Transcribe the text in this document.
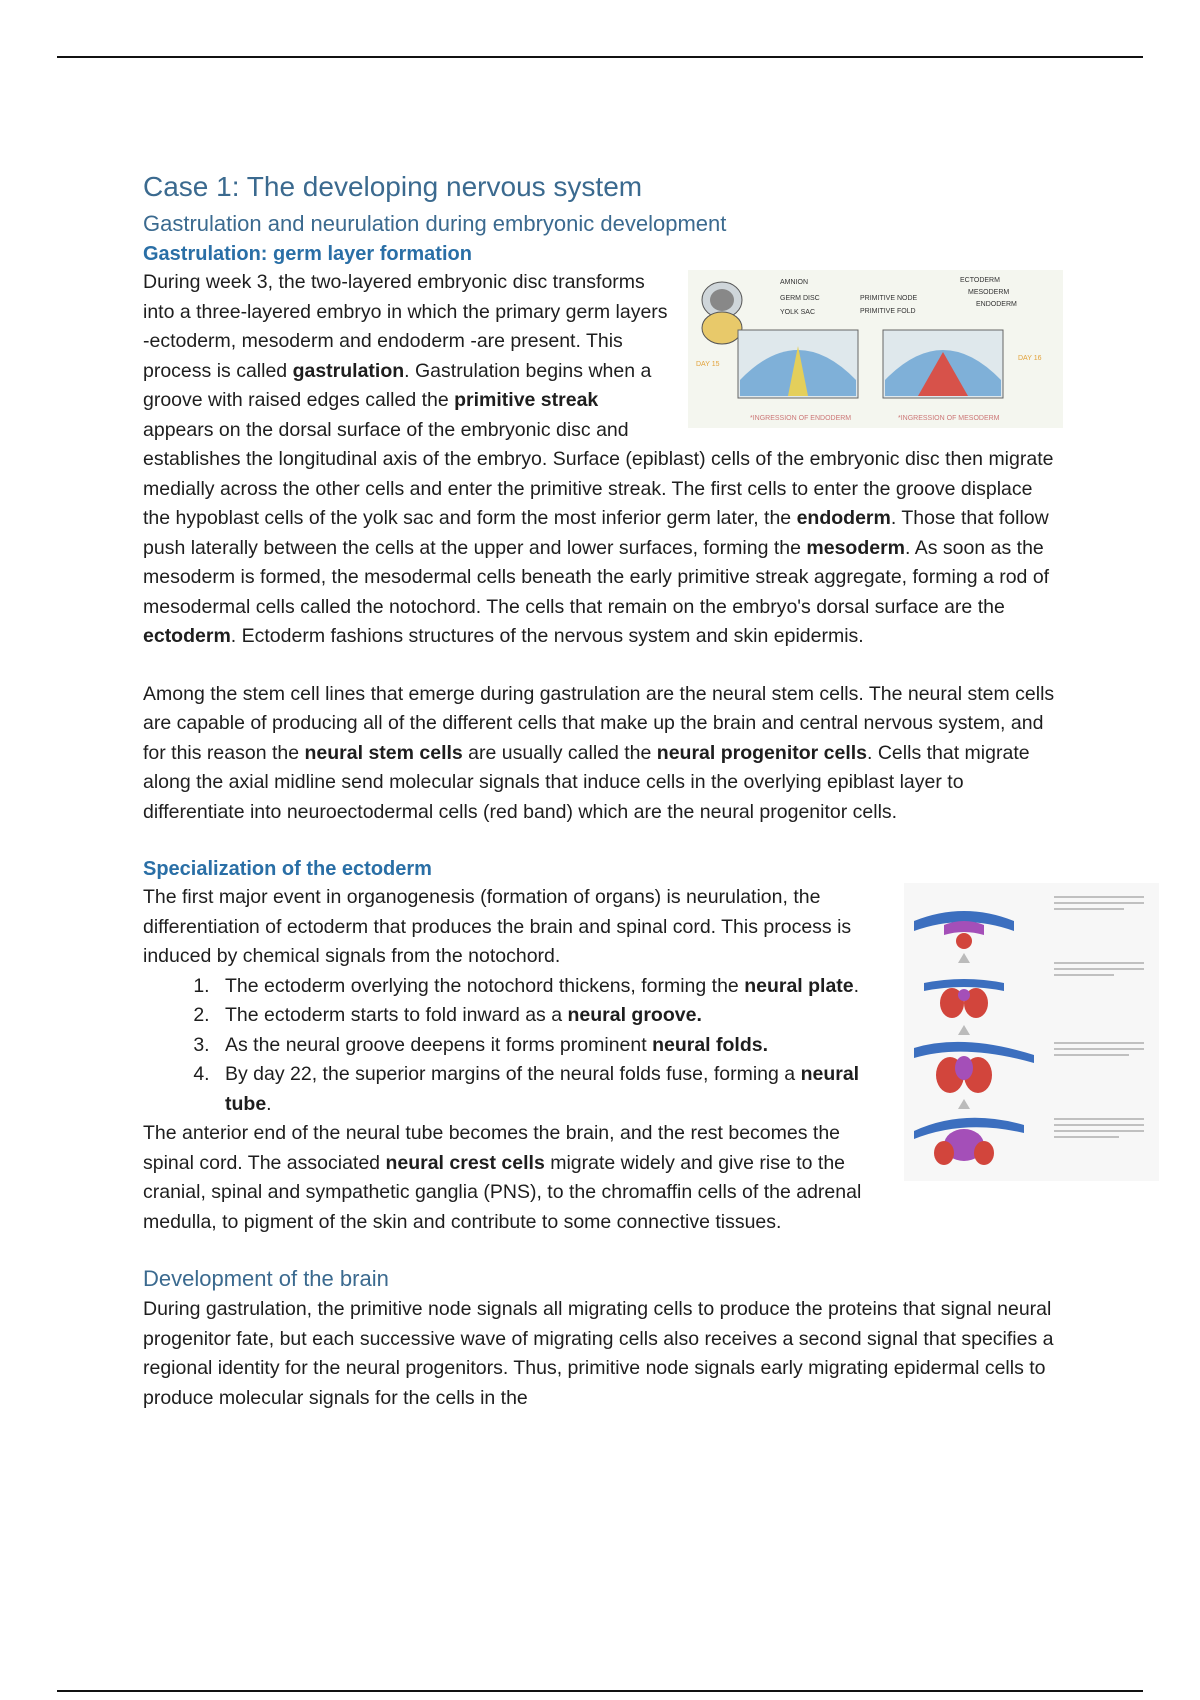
Case 1: The developing nervous system
Gastrulation and neurulation during embryonic development
Gastrulation: germ layer formation
AMNION
GERM DISC
YOLK SAC
PRIMITIVE NODE
PRIMITIVE FOLD
ECTODERM
MESODERM
ENDODERM
DAY 15
DAY 16
*INGRESSION OF ENDODERM	*INGRESSION OF MESODERM

During week 3, the two-layered embryonic disc transforms into a three-layered embryo in which the primary germ layers -ectoderm, mesoderm and endoderm -are present. This process is called gastrulation. Gastrulation begins when a groove with raised edges called the primitive streak appears on the dorsal surface of the embryonic disc and establishes the longitudinal axis of the embryo. Surface (epiblast) cells of the embryonic disc then migrate medially across the other cells and enter the primitive streak. The first cells to enter the groove displace the hypoblast cells of the yolk sac and form the most inferior germ later, the endoderm. Those that follow push laterally between the cells at the upper and lower surfaces, forming the mesoderm. As soon as the mesoderm is formed, the mesodermal cells beneath the early primitive streak aggregate, forming a rod of mesodermal cells called the notochord. The cells that remain on the embryo's dorsal surface are the ectoderm. Ectoderm fashions structures of the nervous system and skin epidermis.

Among the stem cell lines that emerge during gastrulation are the neural stem cells. The neural stem cells are capable of producing all of the different cells that make up the brain and central nervous system, and for this reason the neural stem cells are usually called the neural progenitor cells. Cells that migrate along the axial midline send molecular signals that induce cells in the overlying epiblast layer to differentiate into neuroectodermal cells (red band) which are the neural progenitor cells.

Specialization of the ectoderm

The first major event in organogenesis (formation of organs) is neurulation, the differentiation of ectoderm that produces the brain and spinal cord. This process is induced by chemical signals from the notochord.

1. The ectoderm overlying the notochord thickens, forming the neural plate.
2. The ectoderm starts to fold inward as a neural groove.
3. As the neural groove deepens it forms prominent neural folds.
4. By day 22, the superior margins of the neural folds fuse, forming a neural tube.

The anterior end of the neural tube becomes the brain, and the rest becomes the spinal cord. The associated neural crest cells migrate widely and give rise to the cranial, spinal and sympathetic ganglia (PNS), to the chromaffin cells of the adrenal medulla, to pigment of the skin and contribute to some connective tissues.

Development of the brain

During gastrulation, the primitive node signals all migrating cells to produce the proteins that signal neural progenitor fate, but each successive wave of migrating cells also receives a second signal that specifies a regional identity for the neural progenitors. Thus, primitive node signals early migrating epidermal cells to produce molecular signals for the cells in the
